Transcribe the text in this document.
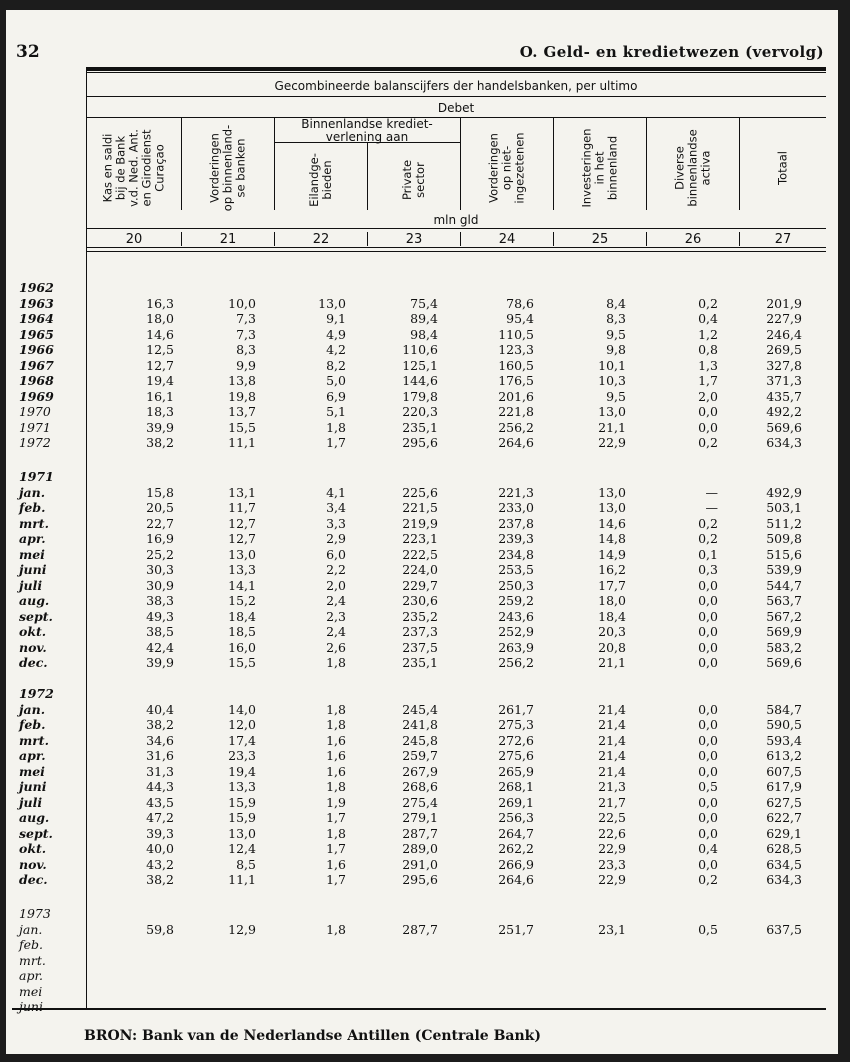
32	O. Geld- en kredietwezen (vervolg)
Gecombineerde balanscijfers der handelsbanken, per ultimo
Debet
Binnenlandse krediet-verlening aan
mln gld
Kas en saldi
bij de Bank
v.d. Ned. Ant.
en Girodienst
Curaçao
20
Vorderingen
op binnenland-
se banken
21
Eilandge-
bieden
22
Private
sector
23
Vorderingen
op niet-
ingezetenen
24
Investeringen
in het
binnenland
25
Diverse
binnenlandse
activa
26
Totaal
27
1962
1963	16,3	10,0	13,0	75,4	78,6	8,4	0,2	201,9
1964	18,0	7,3	9,1	89,4	95,4	8,3	0,4	227,9
1965	14,6	7,3	4,9	98,4	110,5	9,5	1,2	246,4
1966	12,5	8,3	4,2	110,6	123,3	9,8	0,8	269,5
1967	12,7	9,9	8,2	125,1	160,5	10,1	1,3	327,8
1968	19,4	13,8	5,0	144,6	176,5	10,3	1,7	371,3
1969	16,1	19,8	6,9	179,8	201,6	9,5	2,0	435,7
1970	18,3	13,7	5,1	220,3	221,8	13,0	0,0	492,2
1971	39,9	15,5	1,8	235,1	256,2	21,1	0,0	569,6
1972	38,2	11,1	1,7	295,6	264,6	22,9	0,2	634,3
1971
jan.	15,8	13,1	4,1	225,6	221,3	13,0	—	492,9
feb.	20,5	11,7	3,4	221,5	233,0	13,0	—	503,1
mrt.	22,7	12,7	3,3	219,9	237,8	14,6	0,2	511,2
apr.	16,9	12,7	2,9	223,1	239,3	14,8	0,2	509,8
mei	25,2	13,0	6,0	222,5	234,8	14,9	0,1	515,6
juni	30,3	13,3	2,2	224,0	253,5	16,2	0,3	539,9
juli	30,9	14,1	2,0	229,7	250,3	17,7	0,0	544,7
aug.	38,3	15,2	2,4	230,6	259,2	18,0	0,0	563,7
sept.	49,3	18,4	2,3	235,2	243,6	18,4	0,0	567,2
okt.	38,5	18,5	2,4	237,3	252,9	20,3	0,0	569,9
nov.	42,4	16,0	2,6	237,5	263,9	20,8	0,0	583,2
dec.	39,9	15,5	1,8	235,1	256,2	21,1	0,0	569,6
1972
jan.	40,4	14,0	1,8	245,4	261,7	21,4	0,0	584,7
feb.	38,2	12,0	1,8	241,8	275,3	21,4	0,0	590,5
mrt.	34,6	17,4	1,6	245,8	272,6	21,4	0,0	593,4
apr.	31,6	23,3	1,6	259,7	275,6	21,4	0,0	613,2
mei	31,3	19,4	1,6	267,9	265,9	21,4	0,0	607,5
juni	44,3	13,3	1,8	268,6	268,1	21,3	0,5	617,9
juli	43,5	15,9	1,9	275,4	269,1	21,7	0,0	627,5
aug.	47,2	15,9	1,7	279,1	256,3	22,5	0,0	622,7
sept.	39,3	13,0	1,8	287,7	264,7	22,6	0,0	629,1
okt.	40,0	12,4	1,7	289,0	262,2	22,9	0,4	628,5
nov.	43,2	8,5	1,6	291,0	266,9	23,3	0,0	634,5
dec.	38,2	11,1	1,7	295,6	264,6	22,9	0,2	634,3
1973
jan.	59,8	12,9	1,8	287,7	251,7	23,1	0,5	637,5
feb.
mrt.
apr.
mei
juni
BRON: Bank van de Nederlandse Antillen (Centrale Bank)
